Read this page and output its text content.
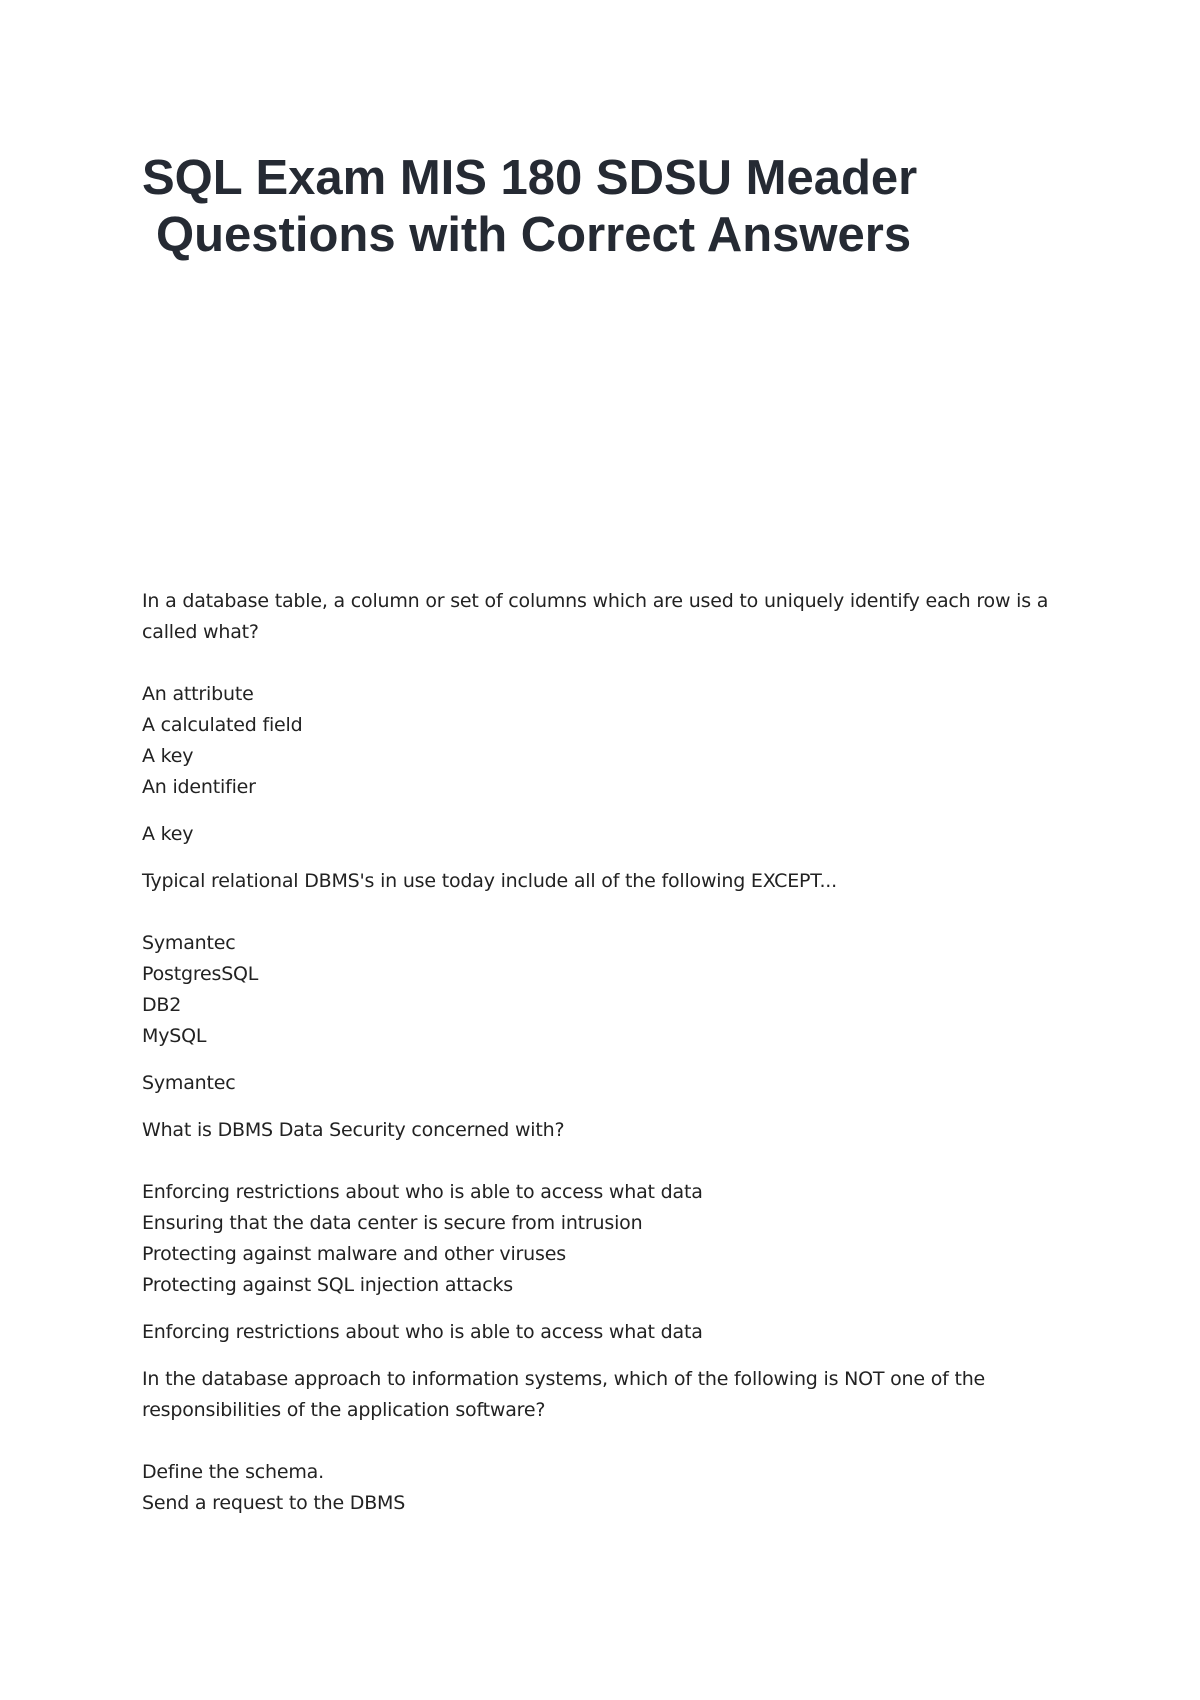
SQL Exam MIS 180 SDSU Meader
Questions with Correct Answers

In a database table, a column or set of columns which are used to uniquely identify each row is a called what?

An attribute
A calculated field
A key
An identifier

A key

Typical relational DBMS's in use today include all of the following EXCEPT...

Symantec
PostgresSQL
DB2
MySQL

Symantec

What is DBMS Data Security concerned with?

Enforcing restrictions about who is able to access what data
Ensuring that the data center is secure from intrusion
Protecting against malware and other viruses
Protecting against SQL injection attacks

Enforcing restrictions about who is able to access what data

In the database approach to information systems, which of the following is NOT one of the responsibilities of the application software?

Define the schema.
Send a request to the DBMS
